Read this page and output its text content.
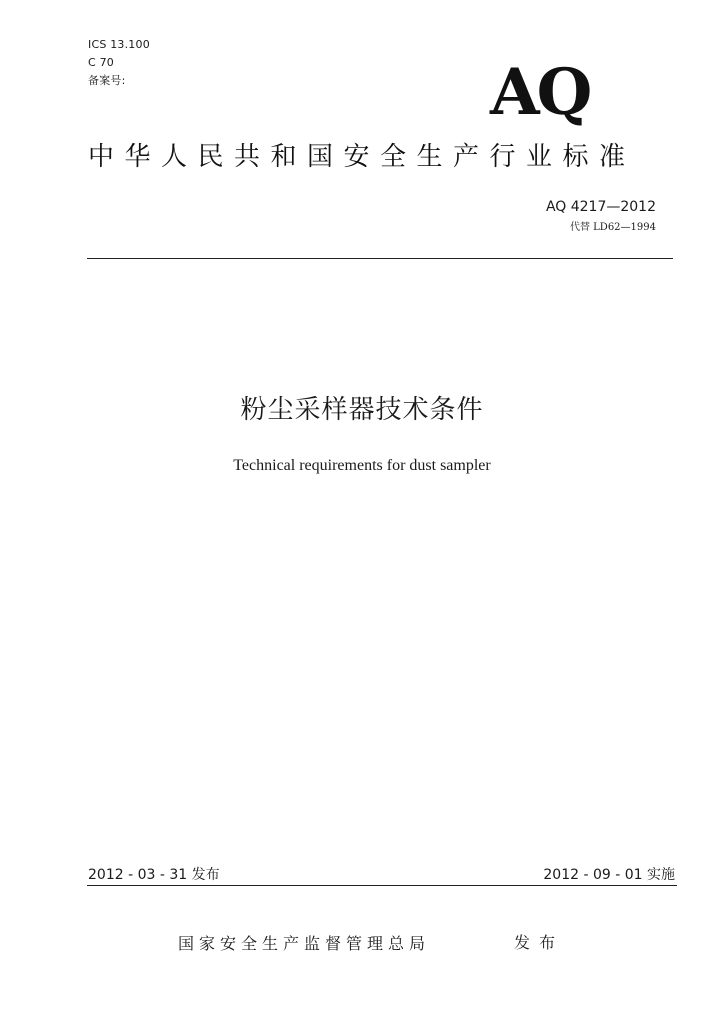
ICS 13.100
C 70
备案号:	AQ
中华人民共和国安全生产行业标准
AQ 4217—2012
代替 LD62—1994
粉尘采样器技术条件
Technical requirements for dust sampler
2012 - 03 - 31 发布	2012 - 09 - 01 实施
国家安全生产监督管理总局	发布
